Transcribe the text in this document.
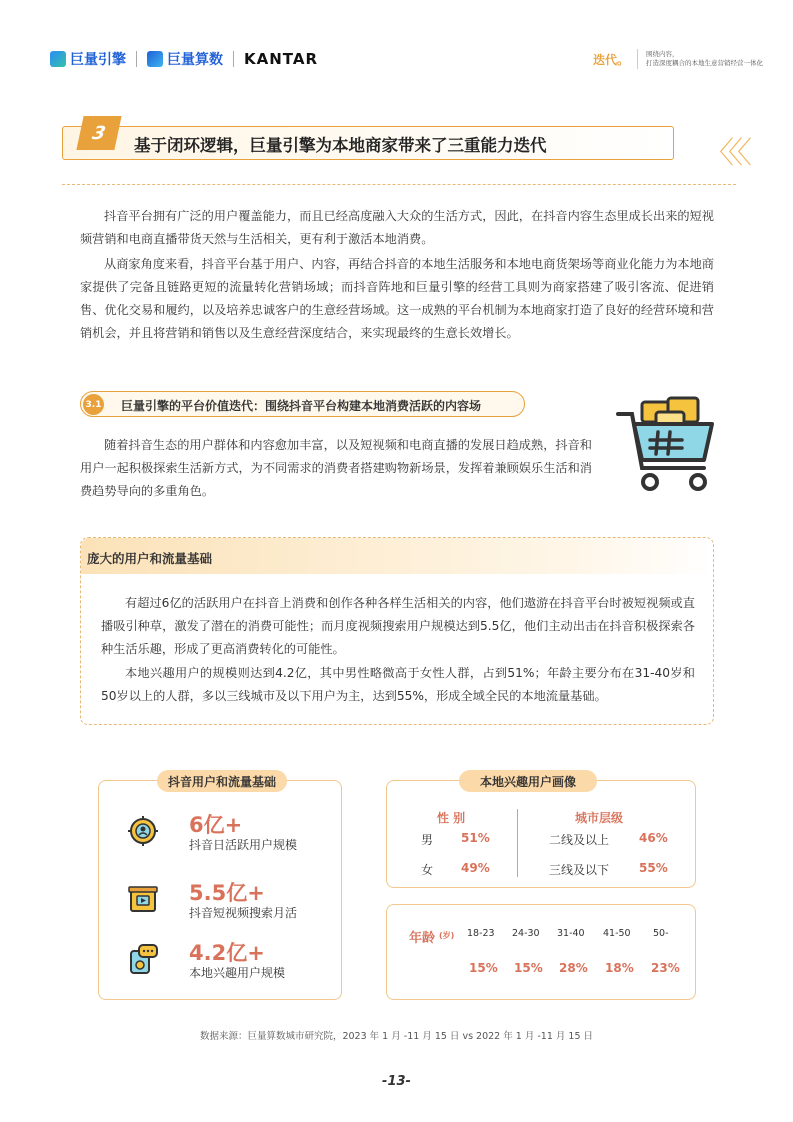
巨量引擎	巨量算数 KANTAR	迭代。	围绕内容，
打造深度耦合的本地生意营销经营一体化
3
基于闭环逻辑，巨量引擎为本地商家带来了三重能力迭代	〈〈〈
抖音平台拥有广泛的用户覆盖能力，而且已经高度融入大众的生活方式，因此，在抖音内容生态里成长出来的短视频营销和电商直播带货天然与生活相关，更有利于激活本地消费。
从商家角度来看，抖音平台基于用户、内容，再结合抖音的本地生活服务和本地电商货架场等商业化能力为本地商家提供了完备且链路更短的流量转化营销场域；而抖音阵地和巨量引擎的经营工具则为商家搭建了吸引客流、促进销售、优化交易和履约，以及培养忠诚客户的生意经营场域。这一成熟的平台机制为本地商家打造了良好的经营环境和营销机会，并且将营销和销售以及生意经营深度结合，来实现最终的生意长效增长。
3.1 巨量引擎的平台价值迭代：围绕抖音平台构建本地消费活跃的内容场
随着抖音生态的用户群体和内容愈加丰富，以及短视频和电商直播的发展日趋成熟，抖音和用户一起积极探索生活新方式，为不同需求的消费者搭建购物新场景，发挥着兼顾娱乐生活和消费趋势导向的多重角色。
庞大的用户和流量基础
有超过6亿的活跃用户在抖音上消费和创作各种各样生活相关的内容，他们遨游在抖音平台时被短视频或直播吸引种草，激发了潜在的消费可能性；而月度视频搜索用户规模达到5.5亿，他们主动出击在抖音积极探索各种生活乐趣，形成了更高消费转化的可能性。
本地兴趣用户的规模则达到4.2亿，其中男性略微高于女性人群，占到51%；年龄主要分布在31-40岁和50岁以上的人群，多以三线城市及以下用户为主，达到55%，形成全域全民的本地流量基础。
抖音用户和流量基础
6亿+
抖音日活跃用户规模
5.5亿+
抖音短视频搜索月活
4.2亿+
本地兴趣用户规模
本地兴趣用户画像
性 别	城市层级
男 51%
女 49%
二线及以上 46%
三线及以下 55%
年龄 (岁) 18-23 24-30 31-40 41-50 50-
15% 15% 28% 18% 23%
数据来源：巨量算数城市研究院，2023 年 1 月 -11 月 15 日 vs 2022 年 1 月 -11 月 15 日
-13-
